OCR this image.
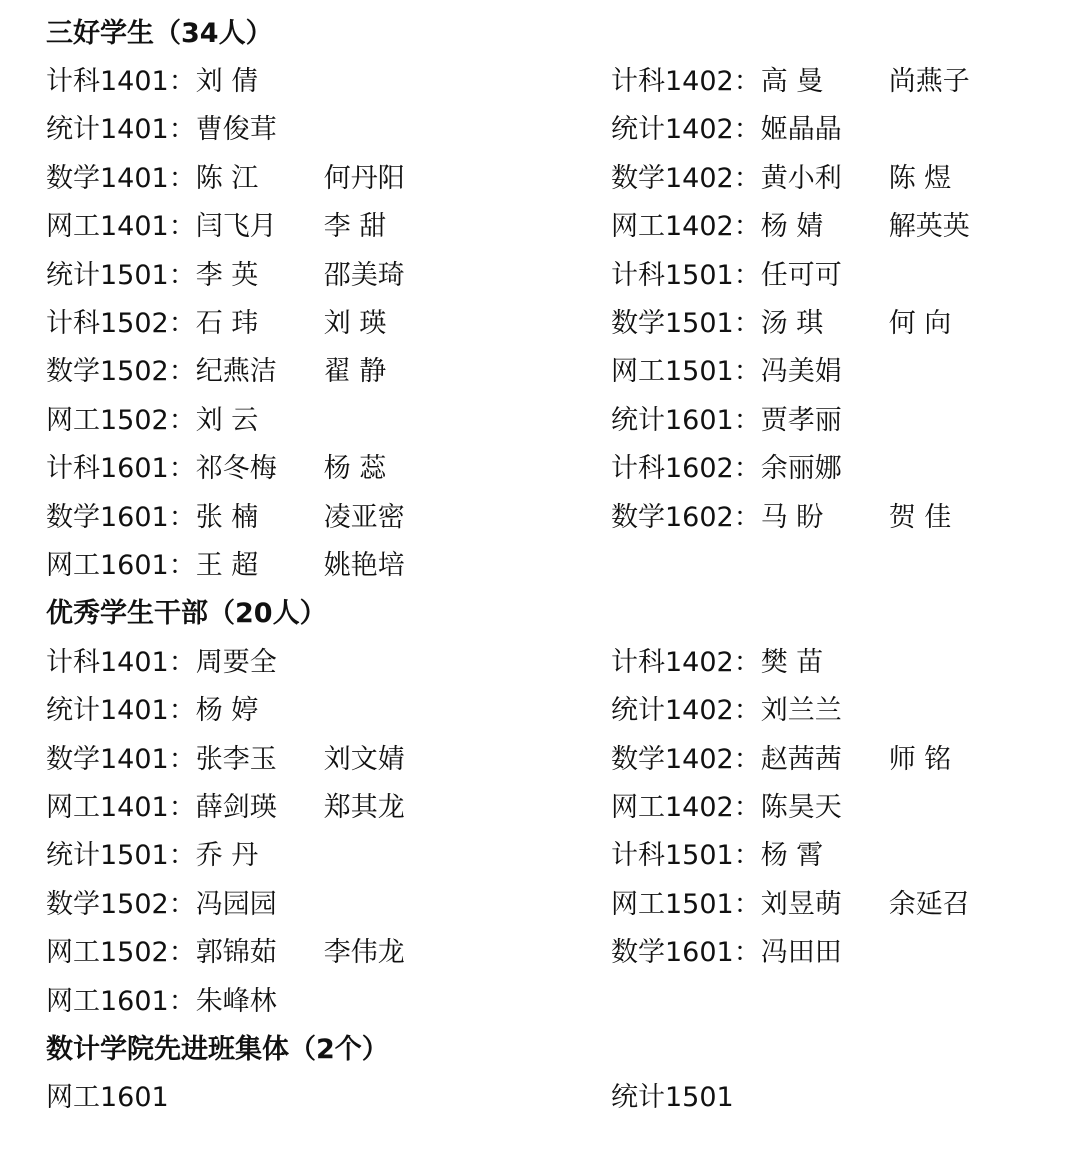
三好学生（34人）
计科1401： 刘 倩	计科1402： 高 曼	尚燕子
统计1401： 曹俊茸	统计1402： 姬晶晶
数学1401： 陈 江	何丹阳	数学1402： 黄小利	陈 煜
网工1401： 闫飞月	李 甜	网工1402： 杨 婧	解英英
统计1501： 李 英	邵美琦	计科1501： 任可可
计科1502： 石 玮	刘 瑛	数学1501： 汤 琪	何 向
数学1502： 纪燕洁	翟 静	网工1501： 冯美娟
网工1502： 刘 云	统计1601： 贾孝丽
计科1601： 祁冬梅	杨 蕊	计科1602： 余丽娜
数学1601： 张 楠	凌亚密	数学1602： 马 盼	贺 佳
网工1601： 王 超	姚艳培
优秀学生干部（20人）
计科1401： 周要全	计科1402： 樊 苗
统计1401： 杨 婷	统计1402： 刘兰兰
数学1401： 张李玉	刘文婧	数学1402： 赵茜茜	师 铭
网工1401： 薛剑瑛	郑其龙	网工1402： 陈昊天
统计1501： 乔 丹	计科1501： 杨 霄
数学1502： 冯园园	网工1501： 刘昱萌	余延召
网工1502： 郭锦茹	李伟龙	数学1601： 冯田田
网工1601： 朱峰林
数计学院先进班集体（2个）
网工1601	统计1501
